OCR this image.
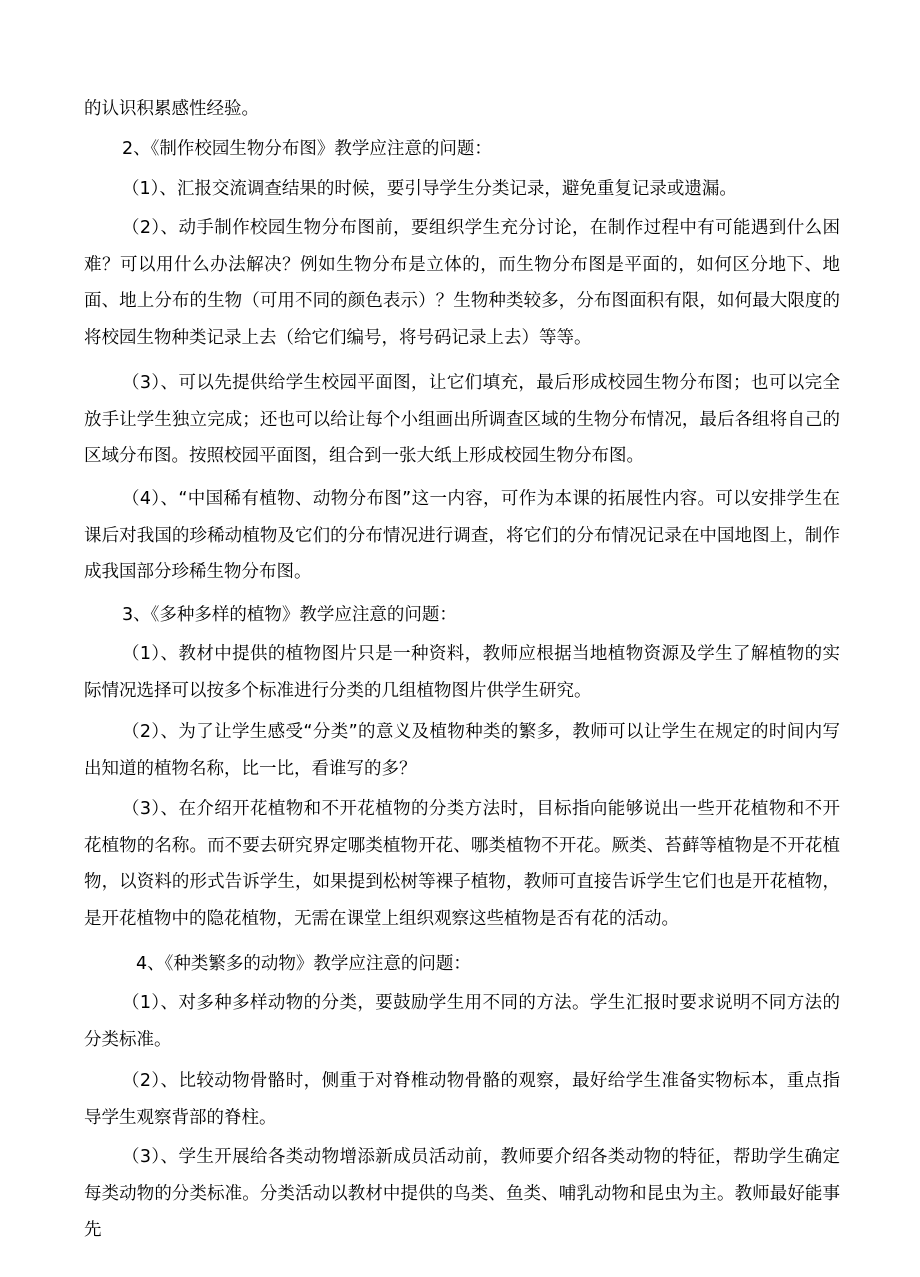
的认识积累感性经验。

2、《制作校园生物分布图》教学应注意的问题：

（1）、汇报交流调查结果的时候，要引导学生分类记录，避免重复记录或遗漏。

（2）、动手制作校园生物分布图前，要组织学生充分讨论，在制作过程中有可能遇到什么困难？可以用什么办法解决？例如生物分布是立体的，而生物分布图是平面的，如何区分地下、地面、地上分布的生物（可用不同的颜色表示）？生物种类较多，分布图面积有限，如何最大限度的将校园生物种类记录上去（给它们编号，将号码记录上去）等等。

（3）、可以先提供给学生校园平面图，让它们填充，最后形成校园生物分布图；也可以完全放手让学生独立完成；还也可以给让每个小组画出所调查区域的生物分布情况，最后各组将自己的区域分布图。按照校园平面图，组合到一张大纸上形成校园生物分布图。

（4）、“中国稀有植物、动物分布图”这一内容，可作为本课的拓展性内容。可以安排学生在课后对我国的珍稀动植物及它们的分布情况进行调查，将它们的分布情况记录在中国地图上，制作成我国部分珍稀生物分布图。

3、《多种多样的植物》教学应注意的问题：

（1）、教材中提供的植物图片只是一种资料，教师应根据当地植物资源及学生了解植物的实际情况选择可以按多个标准进行分类的几组植物图片供学生研究。

（2）、为了让学生感受“分类”的意义及植物种类的繁多，教师可以让学生在规定的时间内写出知道的植物名称，比一比，看谁写的多？

（3）、在介绍开花植物和不开花植物的分类方法时，目标指向能够说出一些开花植物和不开花植物的名称。而不要去研究界定哪类植物开花、哪类植物不开花。厥类、苔藓等植物是不开花植物，以资料的形式告诉学生，如果提到松树等裸子植物，教师可直接告诉学生它们也是开花植物，是开花植物中的隐花植物，无需在课堂上组织观察这些植物是否有花的活动。

4、《种类繁多的动物》教学应注意的问题：

（1）、对多种多样动物的分类，要鼓励学生用不同的方法。学生汇报时要求说明不同方法的分类标准。

（2）、比较动物骨骼时，侧重于对脊椎动物骨骼的观察，最好给学生准备实物标本，重点指导学生观察背部的脊柱。

（3）、学生开展给各类动物增添新成员活动前，教师要介绍各类动物的特征，帮助学生确定每类动物的分类标准。分类活动以教材中提供的鸟类、鱼类、哺乳动物和昆虫为主。教师最好能事先
